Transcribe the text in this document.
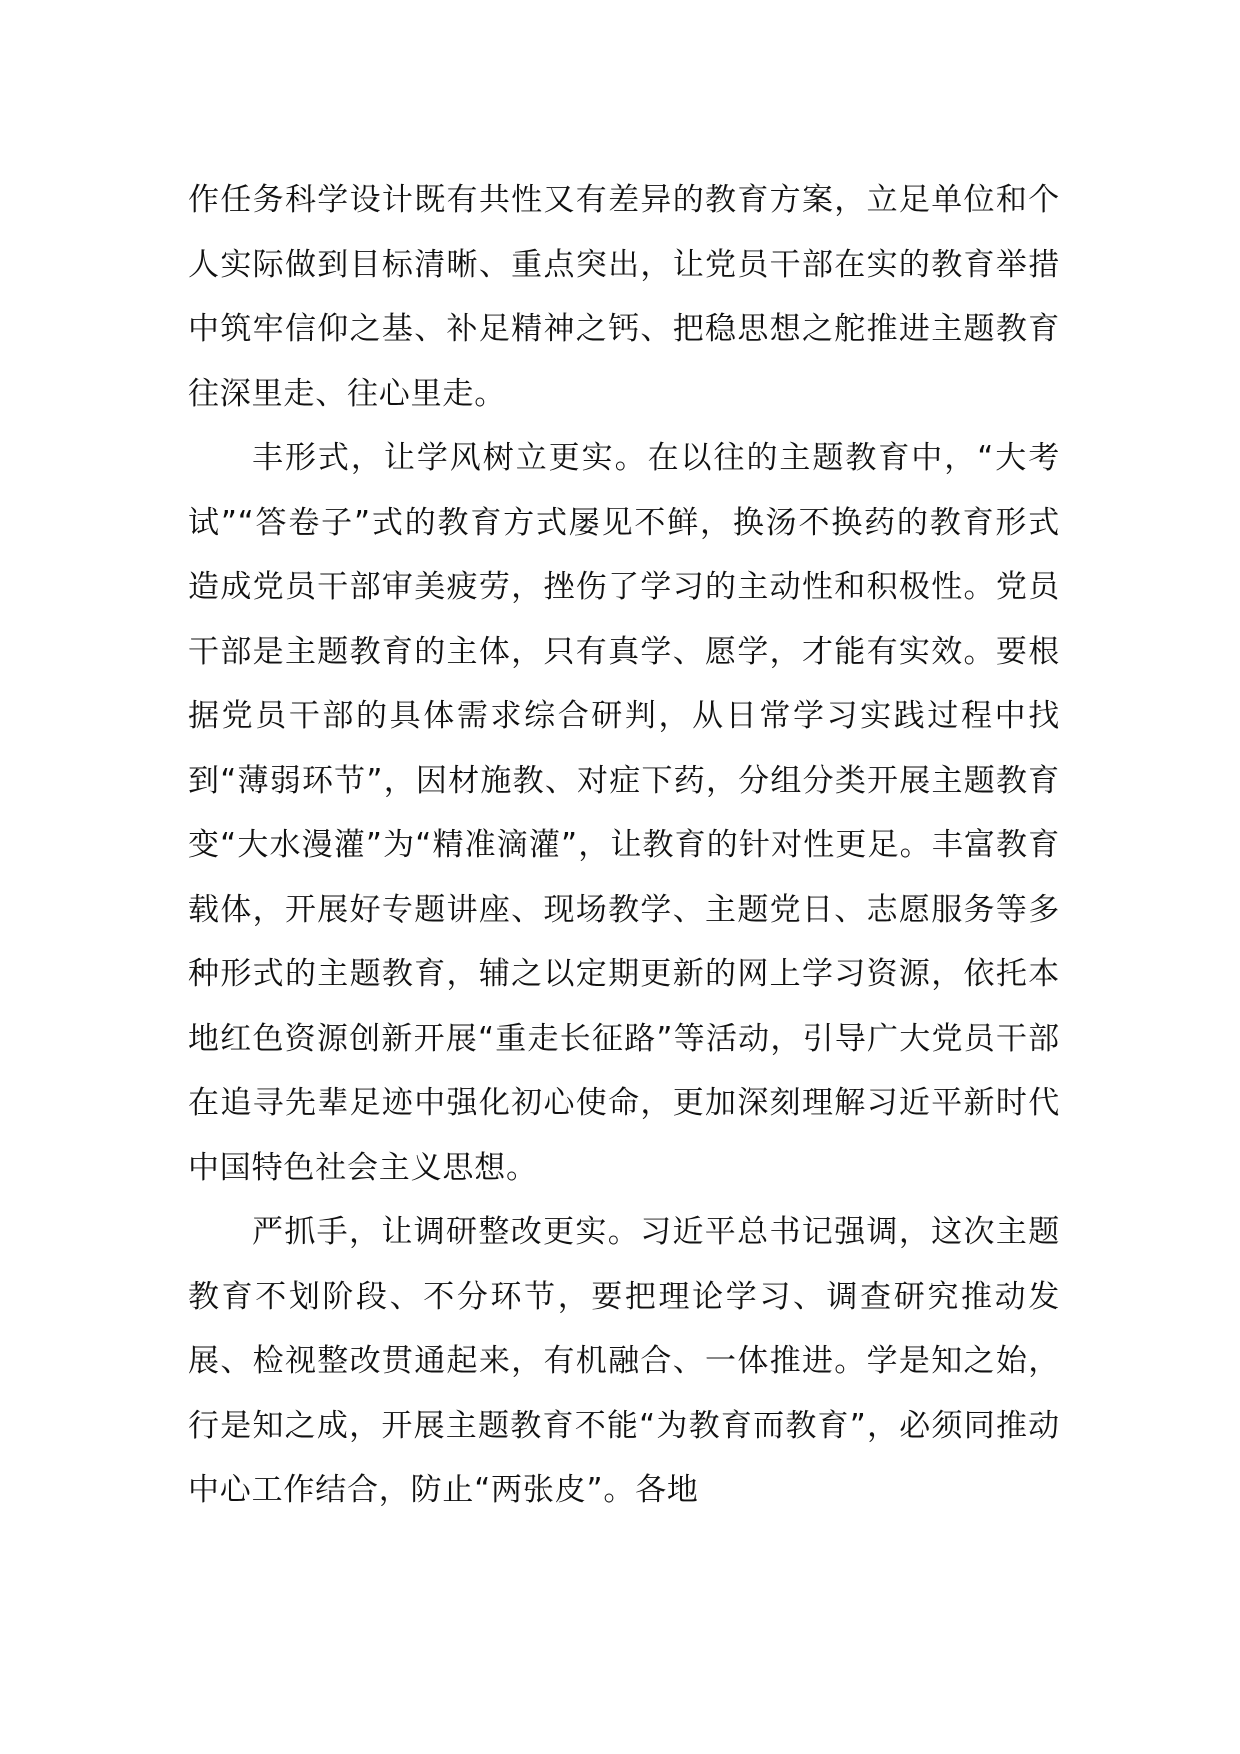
作任务科学设计既有共性又有差异的教育方案，立足单位和个人实际做到目标清晰、重点突出，让党员干部在实的教育举措中筑牢信仰之基、补足精神之钙、把稳思想之舵推进主题教育往深里走、往心里走。

丰形式，让学风树立更实。在以往的主题教育中，“大考试”“答卷子”式的教育方式屡见不鲜，换汤不换药的教育形式造成党员干部审美疲劳，挫伤了学习的主动性和积极性。党员干部是主题教育的主体，只有真学、愿学，才能有实效。要根据党员干部的具体需求综合研判，从日常学习实践过程中找到“薄弱环节”，因材施教、对症下药，分组分类开展主题教育变“大水漫灌”为“精准滴灌”，让教育的针对性更足。丰富教育载体，开展好专题讲座、现场教学、主题党日、志愿服务等多种形式的主题教育，辅之以定期更新的网上学习资源，依托本地红色资源创新开展“重走长征路”等活动，引导广大党员干部在追寻先辈足迹中强化初心使命，更加深刻理解习近平新时代中国特色社会主义思想。

严抓手，让调研整改更实。习近平总书记强调，这次主题教育不划阶段、不分环节，要把理论学习、调查研究推动发展、检视整改贯通起来，有机融合、一体推进。学是知之始，行是知之成，开展主题教育不能“为教育而教育”，必须同推动中心工作结合，防止“两张皮”。各地
